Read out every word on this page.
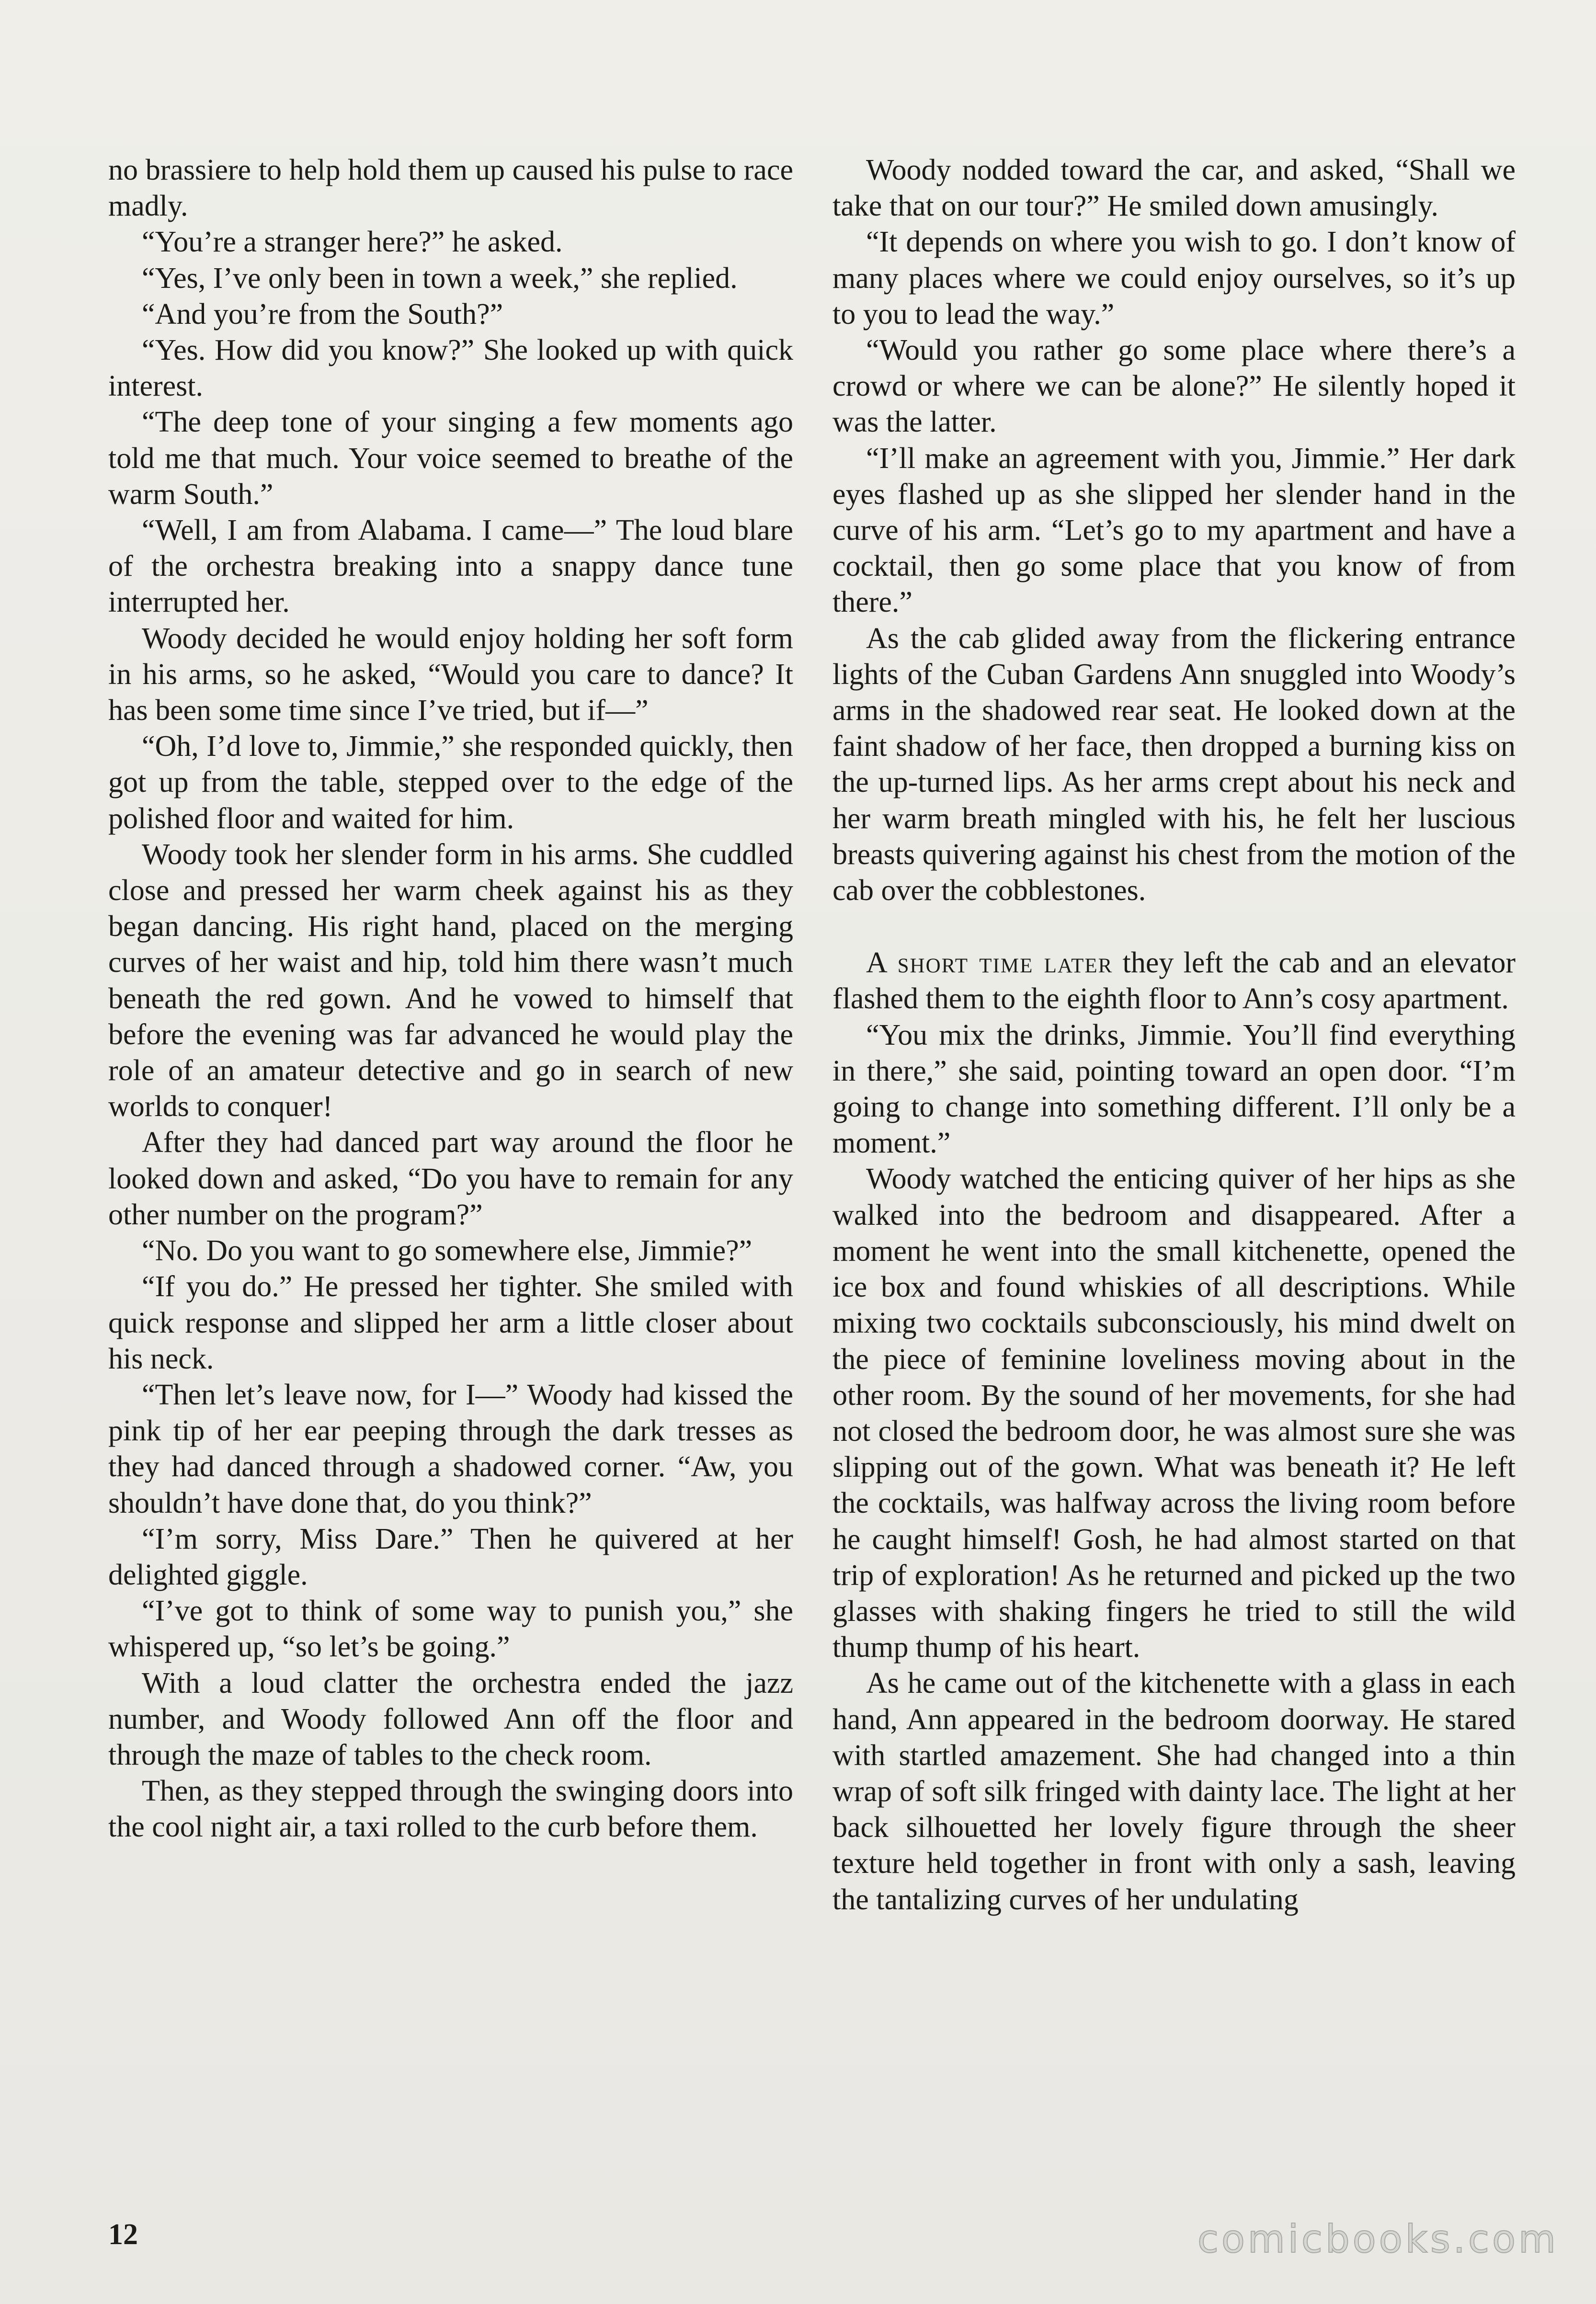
no brassiere to help hold them up caused his pulse to race madly.

“You’re a stranger here?” he asked.

“Yes, I’ve only been in town a week,” she replied.

“And you’re from the South?”

“Yes. How did you know?” She looked up with quick interest.

“The deep tone of your singing a few moments ago told me that much. Your voice seemed to breathe of the warm South.”

“Well, I am from Alabama. I came—” The loud blare of the orchestra breaking into a snappy dance tune interrupted her.

Woody decided he would enjoy holding her soft form in his arms, so he asked, “Would you care to dance? It has been some time since I’ve tried, but if—”

“Oh, I’d love to, Jimmie,” she responded quickly, then got up from the table, stepped over to the edge of the polished floor and waited for him.

Woody took her slender form in his arms. She cuddled close and pressed her warm cheek against his as they began dancing. His right hand, placed on the merging curves of her waist and hip, told him there wasn’t much beneath the red gown. And he vowed to himself that before the evening was far advanced he would play the role of an amateur detective and go in search of new worlds to conquer!

After they had danced part way around the floor he looked down and asked, “Do you have to remain for any other number on the program?”

“No. Do you want to go somewhere else, Jimmie?”

“If you do.” He pressed her tighter. She smiled with quick response and slipped her arm a little closer about his neck.

“Then let’s leave now, for I—” Woody had kissed the pink tip of her ear peeping through the dark tresses as they had danced through a shadowed corner. “Aw, you shouldn’t have done that, do you think?”

“I’m sorry, Miss Dare.” Then he quivered at her delighted giggle.

“I’ve got to think of some way to punish you,” she whispered up, “so let’s be going.”

With a loud clatter the orchestra ended the jazz number, and Woody followed Ann off the floor and through the maze of tables to the check room.

Then, as they stepped through the swinging doors into the cool night air, a taxi rolled to the curb before them.

Woody nodded toward the car, and asked, “Shall we take that on our tour?” He smiled down amusingly.

“It depends on where you wish to go. I don’t know of many places where we could enjoy ourselves, so it’s up to you to lead the way.”

“Would you rather go some place where there’s a crowd or where we can be alone?” He silently hoped it was the latter.

“I’ll make an agreement with you, Jimmie.” Her dark eyes flashed up as she slipped her slender hand in the curve of his arm. “Let’s go to my apartment and have a cocktail, then go some place that you know of from there.”

As the cab glided away from the flickering entrance lights of the Cuban Gardens Ann snuggled into Woody’s arms in the shadowed rear seat. He looked down at the faint shadow of her face, then dropped a burning kiss on the up-turned lips. As her arms crept about his neck and her warm breath mingled with his, he felt her luscious breasts quivering against his chest from the motion of the cab over the cobblestones.

A short time later they left the cab and an elevator flashed them to the eighth floor to Ann’s cosy apartment.

“You mix the drinks, Jimmie. You’ll find everything in there,” she said, pointing toward an open door. “I’m going to change into something different. I’ll only be a moment.”

Woody watched the enticing quiver of her hips as she walked into the bedroom and disappeared. After a moment he went into the small kitchenette, opened the ice box and found whiskies of all descriptions. While mixing two cocktails subconsciously, his mind dwelt on the piece of feminine loveliness moving about in the other room. By the sound of her movements, for she had not closed the bedroom door, he was almost sure she was slipping out of the gown. What was beneath it? He left the cocktails, was halfway across the living room before he caught himself! Gosh, he had almost started on that trip of exploration! As he returned and picked up the two glasses with shaking fingers he tried to still the wild thump thump of his heart.

As he came out of the kitchenette with a glass in each hand, Ann appeared in the bedroom doorway. He stared with startled amazement. She had changed into a thin wrap of soft silk fringed with dainty lace. The light at her back silhouetted her lovely figure through the sheer texture held together in front with only a sash, leaving the tantalizing curves of her undulating

12	comicbooks.com
